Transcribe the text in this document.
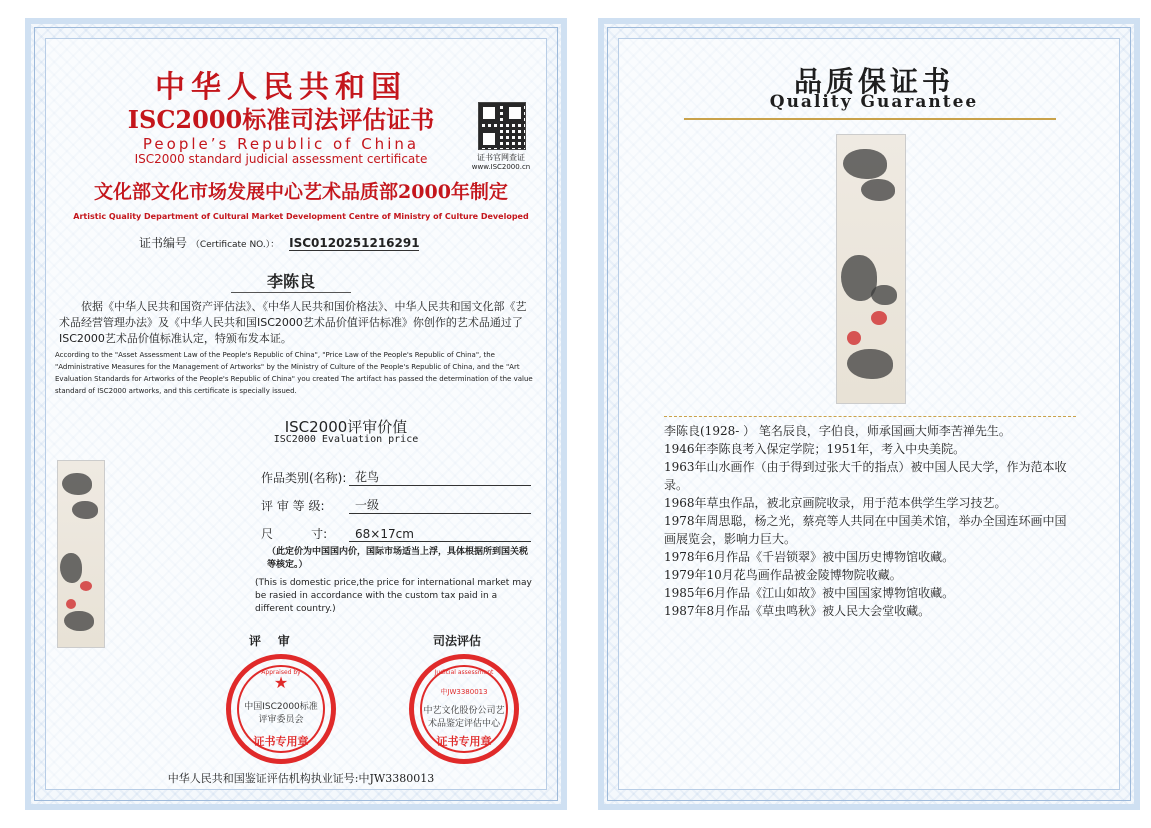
中华人民共和国
ISC2000标准司法评估证书
People’s Republic of China
ISC2000 standard judicial assessment certificate	证书官网查证
www.ISC2000.cn
文化部文化市场发展中心艺术品质部2000年制定
Artistic Quality Department of Cultural Market Development Centre of Ministry of Culture Developed
证书编号 （Certificate NO.）： ISC0120251216291
李陈良
依据《中华人民共和国资产评估法》、《中华人民共和国价格法》、中华人民共和国文化部《艺术品经营管理办法》及《中华人民共和国ISC2000艺术品价值评估标准》你创作的艺术品通过了ISC2000艺术品价值标准认定，特颁布发本证。
According to the "Asset Assessment Law of the People's Republic of China", "Price Law of the People's Republic of China", the "Administrative Measures for the Management of Artworks" by the Ministry of Culture of the People's Republic of China, and the "Art Evaluation Standards for Artworks of the People's Republic of China" you created The artifact has passed the determination of the value standard of ISC2000 artworks, and this certificate is specially issued.
ISC2000评审价值
ISC2000 Evaluation price
作品类别(名称): 花鸟
评 审 等 级:	一级
尺          寸:	68×17cm
（此定价为中国国内价，国际市场适当上浮，具体根据所到国关税等核定。）
(This is domestic price,the price for international market may be rasied in accordance with the custom tax paid in a different country.)
评    审	司法评估
★
Appraised by
中国ISC2000标准评审委员会
证书专用章
Judicial assessment
中JW3380013
中艺文化股份公司艺术品鉴定评估中心
证书专用章
中华人民共和国鉴证评估机构执业证号:中JW3380013
品质保证书
Quality Guarantee

李陈良(1928- ） 笔名辰良，字伯良，师承国画大师李苦禅先生。

1946年李陈良考入保定学院；1951年，考入中央美院。

1963年山水画作（由于得到过张大千的指点）被中国人民大学，作为范本收录。

1968年草虫作品，被北京画院收录，用于范本供学生学习技艺。

1978年周思聪，杨之光，蔡亮等人共同在中国美术馆，举办全国连环画中国画展览会，影响力巨大。

1978年6月作品《千岩锁翠》被中国历史博物馆收藏。

1979年10月花鸟画作品被金陵博物院收藏。

1985年6月作品《江山如故》被中国国家博物馆收藏。

1987年8月作品《草虫鸣秋》被人民大会堂收藏。
